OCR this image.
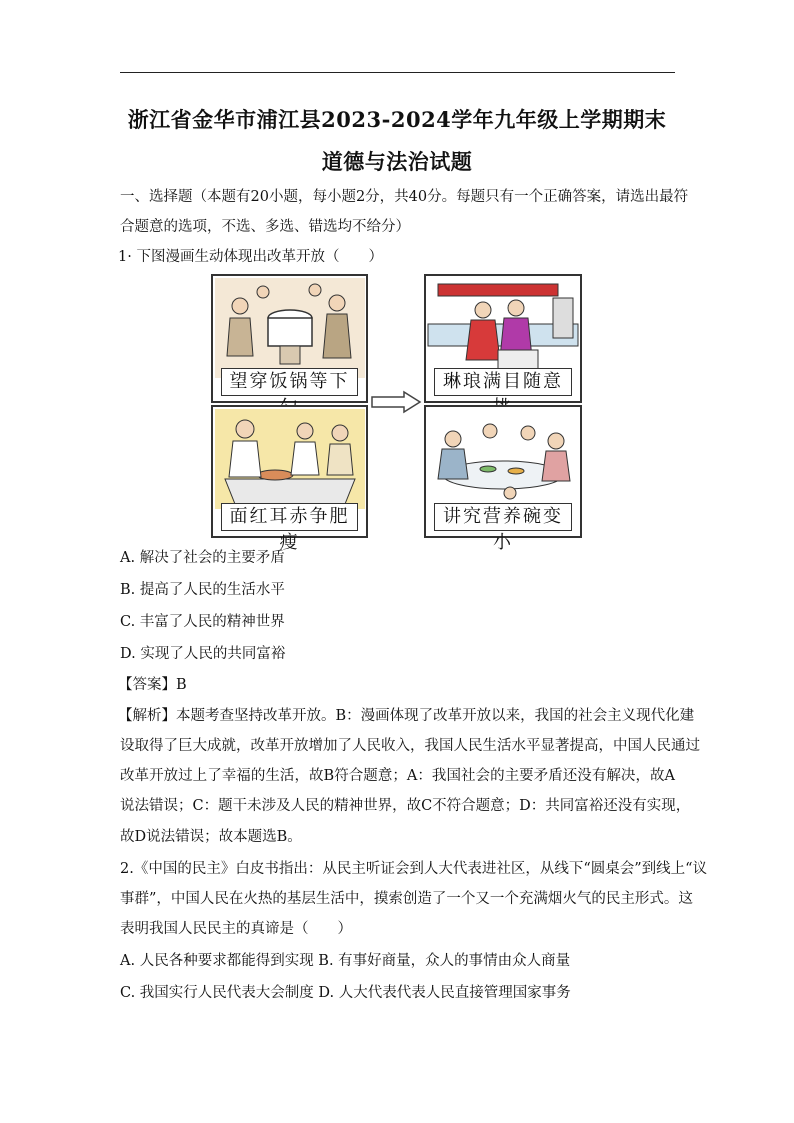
浙江省金华市浦江县2023-2024学年九年级上学期期末
道德与法治试题
一、选择题（本题有20小题，每小题2分，共40分。每题只有一个正确答案，请选出最符
合题意的选项，不选、多选、错选均不给分）
1· 下图漫画生动体现出改革开放（　　）
望穿饭锅等下
面红耳赤争肥瘦
琳琅满目随意
讲究营养碗变小
A. 解决了社会的主要矛盾
B. 提高了人民的生活水平
C. 丰富了人民的精神世界
D. 实现了人民的共同富裕
【答案】B
【解析】本题考查坚持改革开放。B：漫画体现了改革开放以来，我国的社会主义现代化建
设取得了巨大成就，改革开放增加了人民收入，我国人民生活水平显著提高，中国人民通过
改革开放过上了幸福的生活，故B符合题意；A：我国社会的主要矛盾还没有解决，故A
说法错误；C：题干未涉及人民的精神世界，故C不符合题意；D：共同富裕还没有实现，
故D说法错误；故本题选B。
2.《中国的民主》白皮书指出：从民主听证会到人大代表进社区，从线下“圆桌会”到线上“议
事群”，中国人民在火热的基层生活中，摸索创造了一个又一个充满烟火气的民主形式。这
表明我国人民民主的真谛是（　　）
A. 人民各种要求都能得到实现 B. 有事好商量，众人的事情由众人商量
C. 我国实行人民代表大会制度 D. 人大代表代表人民直接管理国家事务
